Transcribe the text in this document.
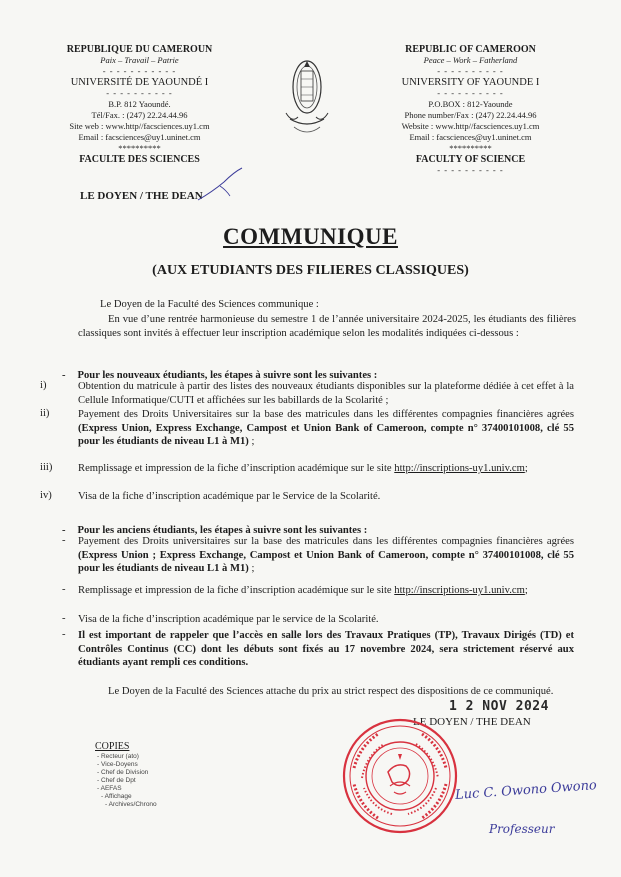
REPUBLIQUE DU CAMEROUN
Paix – Travail – Patrie
- - - - - - - - - - -
UNIVERSITÉ DE YAOUNDÉ I
- - - - - - - - - -
B.P. 812 Yaoundé.
Tél/Fax. : (247) 22.24.44.96
Site web : www.http//facsciences.uy1.cm
Email : facsciences@uy1.uninet.cm
**********
FACULTE DES SCIENCES
REPUBLIC OF CAMEROON
Peace – Work – Fatherland
- - - - - - - - - -
UNIVERSITY OF YAOUNDE I
- - - - - - - - - -
P.O.BOX : 812-Yaounde
Phone number/Fax : (247) 22.24.44.96
Website : www.http//facsciences.uy1.cm
Email : facsciences@uy1.uninet.cm
**********
FACULTY OF SCIENCE
- - - - - - - - - -
LE DOYEN / THE DEAN
COMMUNIQUE
(AUX ETUDIANTS DES FILIERES CLASSIQUES)
Le Doyen de la Faculté des Sciences communique :
En vue d’une rentrée harmonieuse du semestre 1 de l’année universitaire 2024-2025, les étudiants des filières classiques sont invités à effectuer leur inscription académique selon les modalités indiquées ci-dessous :
- Pour les nouveaux étudiants, les étapes à suivre sont les suivantes :
i)	Obtention du matricule à partir des listes des nouveaux étudiants disponibles sur la plateforme dédiée à cet effet à la Cellule Informatique/CUTI et affichées sur les babillards de la Scolarité ;
ii)	Payement des Droits Universitaires sur la base des matricules dans les différentes compagnies financières agrées (Express Union, Express Exchange, Campost et Union Bank of Cameroon, compte n° 37400101008, clé 55 pour les étudiants de niveau L1 à M1) ;
iii)	Remplissage et impression de la fiche d’inscription académique sur le site http://inscriptions-uy1.univ.cm;
iv)	Visa de la fiche d’inscription académique par le Service de la Scolarité.
- Pour les anciens étudiants, les étapes à suivre sont les suivantes :
- Payement des Droits universitaires sur la base des matricules dans les différentes compagnies financières agrées (Express Union ; Express Exchange, Campost et Union Bank of Cameroon, compte n° 37400101008, clé 55 pour les étudiants de niveau L1 à M1) ;
- Remplissage et impression de la fiche d’inscription académique sur le site http://inscriptions-uy1.univ.cm;
- Visa de la fiche d’inscription académique par le service de la Scolarité.
- Il est important de rappeler que l’accès en salle lors des Travaux Pratiques (TP), Travaux Dirigés (TD) et Contrôles Continus (CC) dont les débuts sont fixés au 17 novembre 2024, sera strictement réservé aux étudiants ayant rempli ces conditions.
Le Doyen de la Faculté des Sciences attache du prix au strict respect des dispositions de ce communiqué.
1 2 NOV 2024
LE DOYEN / THE DEAN
COPIES
- Recteur (ato)
- Vice-Doyens
- Chef de Division
- Chef de Dpt
- AEFAS
- Affichage
- Archives/Chrono
Luc C. Owono Owono
Professeur
